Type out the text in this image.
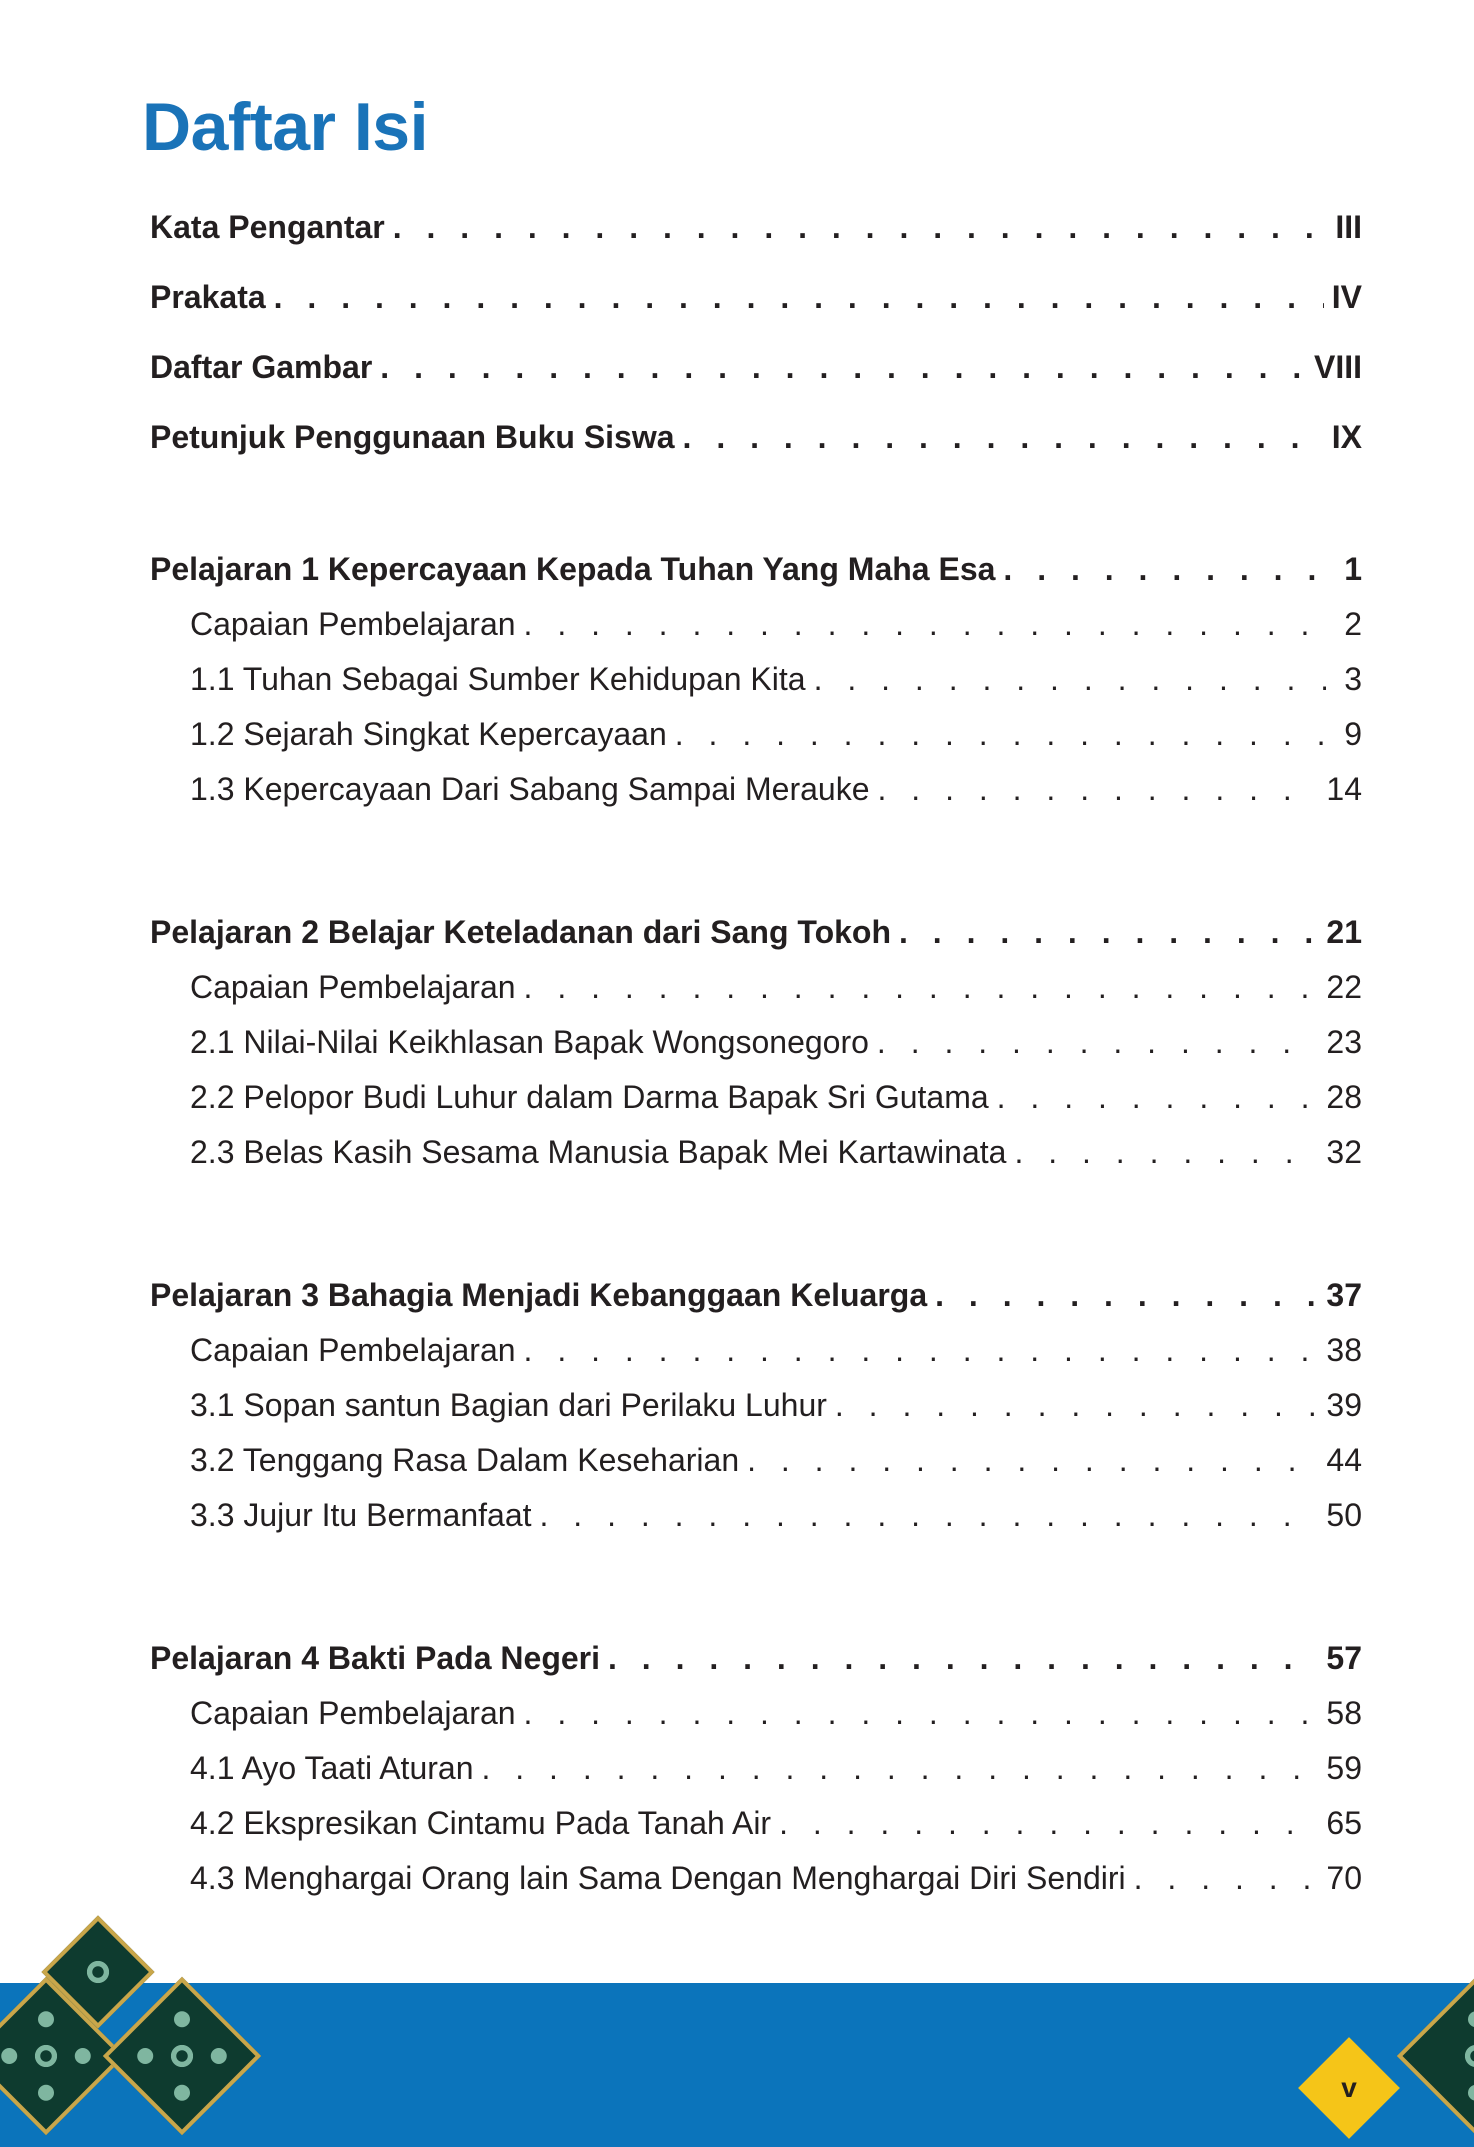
Daftar Isi
Kata Pengantar . . .	III
Prakata . . .	IV
Daftar Gambar . . .	VIII
Petunjuk Penggunaan Buku Siswa . . .	IX
Pelajaran 1 Kepercayaan Kepada Tuhan Yang Maha Esa . . .	1
Capaian Pembelajaran . . .	2
1.1 Tuhan Sebagai Sumber Kehidupan Kita . . .	3
1.2 Sejarah Singkat Kepercayaan . . .	9
1.3 Kepercayaan Dari Sabang Sampai Merauke . . .	14
Pelajaran 2 Belajar Keteladanan dari Sang Tokoh . . .	21
Capaian Pembelajaran . . .	22
2.1 Nilai-Nilai Keikhlasan Bapak Wongsonegoro . . .	23
2.2 Pelopor Budi Luhur dalam Darma Bapak Sri Gutama . . .	28
2.3 Belas Kasih Sesama Manusia Bapak Mei Kartawinata . . .	32
Pelajaran 3 Bahagia Menjadi Kebanggaan Keluarga . . .	37
Capaian Pembelajaran . . .	38
3.1 Sopan santun Bagian dari Perilaku Luhur . . .	39
3.2 Tenggang Rasa Dalam Keseharian . . .	44
3.3 Jujur Itu Bermanfaat . . .	50
Pelajaran 4 Bakti Pada Negeri . . .	57
Capaian Pembelajaran . . .	58
4.1 Ayo Taati Aturan . . .	59
4.2 Ekspresikan Cintamu Pada Tanah Air . . .	65
4.3 Menghargai Orang lain Sama Dengan Menghargai Diri Sendiri . . .	70
v
